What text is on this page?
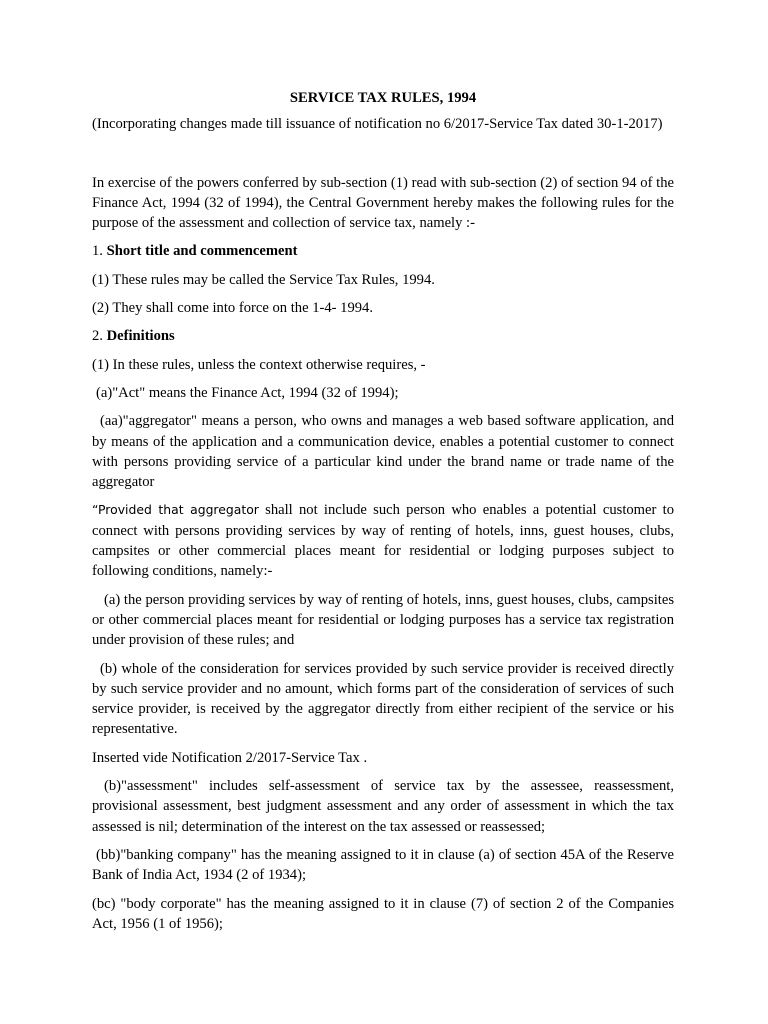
SERVICE TAX RULES, 1994

(Incorporating changes made till issuance of notification no 6/2017-Service Tax dated 30-1-2017)

In exercise of the powers conferred by sub-section (1) read with sub-section (2) of section 94 of the Finance Act, 1994 (32 of 1994), the Central Government hereby makes the following rules for the purpose of the assessment and collection of service tax, namely :-

1. Short title and commencement

(1) These rules may be called the Service Tax Rules, 1994.

(2) They shall come into force on the 1-4- 1994.

2. Definitions

(1) In these rules, unless the context otherwise requires, -

(a)"Act" means the Finance Act, 1994 (32 of 1994);

(aa)"aggregator" means a person, who owns and manages a web based software application, and by means of the application and a communication device, enables a potential customer to connect with persons providing service of a particular kind under the brand name or trade name of the aggregator

“Provided that aggregator shall not include such person who enables a potential customer to connect with persons providing services by way of renting of hotels, inns, guest houses, clubs, campsites or other commercial places meant for residential or lodging purposes subject to following conditions, namely:-

(a) the person providing services by way of renting of hotels, inns, guest houses, clubs, campsites or other commercial places meant for residential or lodging purposes has a service tax registration under provision of these rules; and

(b) whole of the consideration for services provided by such service provider is received directly by such service provider and no amount, which forms part of the consideration of services of such service provider, is received by the aggregator directly from either recipient of the service or his representative.

Inserted vide Notification 2/2017-Service Tax .

(b)"assessment" includes self-assessment of service tax by the assessee, reassessment, provisional assessment, best judgment assessment and any order of assessment in which the tax assessed is nil; determination of the interest on the tax assessed or reassessed;

(bb)"banking company" has the meaning assigned to it in clause (a) of section 45A of the Reserve Bank of India Act, 1934 (2 of 1934);

(bc) "body corporate" has the meaning assigned to it in clause (7) of section 2 of the Companies Act, 1956 (1 of 1956);
